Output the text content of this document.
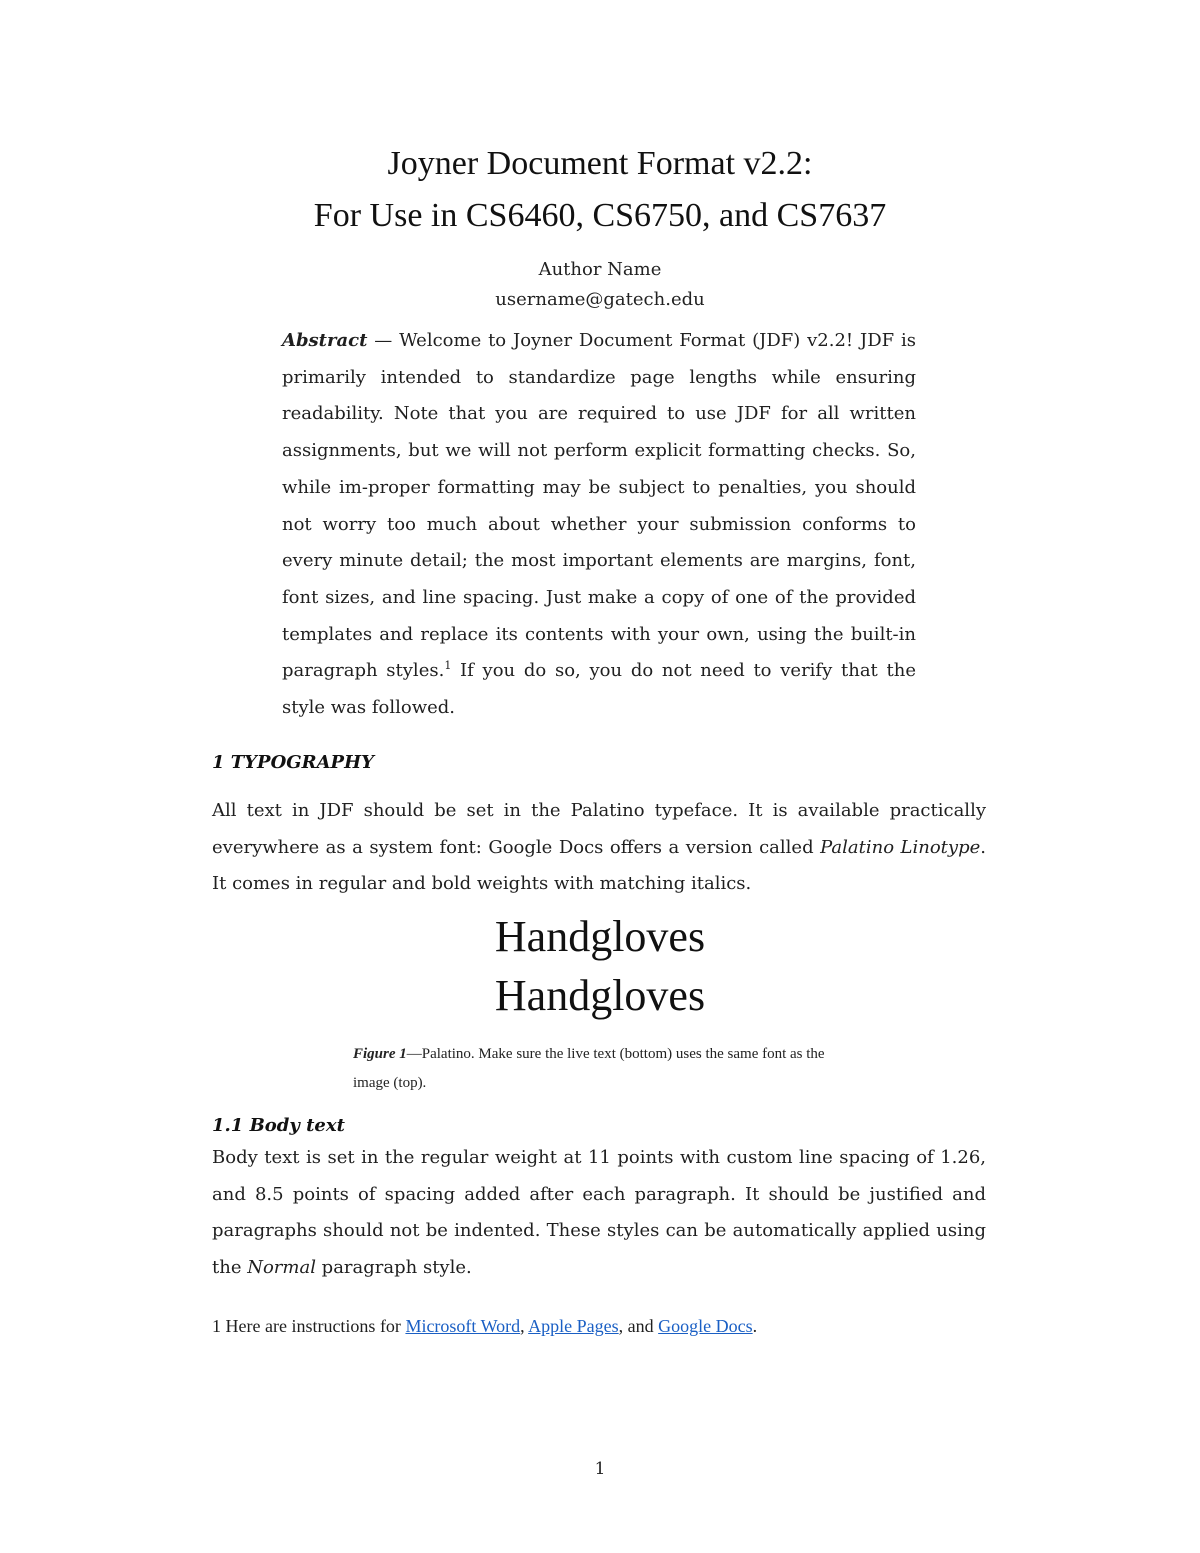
Joyner Document Format v2.2:
For Use in CS6460, CS6750, and CS7637
Author Name
username@gatech.edu

Abstract — Welcome to Joyner Document Format (JDF) v2.2! JDF is primarily intended to standardize page lengths while ensuring readability. Note that you are required to use JDF for all written assignments, but we will not perform explicit formatting checks. So, while im-proper formatting may be subject to penalties, you should not worry too much about whether your submission conforms to every minute detail; the most important elements are margins, font, font sizes, and line spacing. Just make a copy of one of the provided templates and replace its contents with your own, using the built-in paragraph styles.$^1$ If you do so, you do not need to verify that the style was followed.

1 TYPOGRAPHY

All text in JDF should be set in the Palatino typeface. It is available practically everywhere as a system font: Google Docs offers a version called Palatino Linotype. It comes in regular and bold weights with matching italics.

Handgloves
Handgloves

Figure 1—Palatino. Make sure the live text (bottom) uses the same font as the image (top).

1.1 Body text

Body text is set in the regular weight at 11 points with custom line spacing of 1.26, and 8.5 points of spacing added after each paragraph. It should be justified and paragraphs should not be indented. These styles can be automatically applied using the Normal paragraph style.

1 Here are instructions for Microsoft Word, Apple Pages, and Google Docs.

1
